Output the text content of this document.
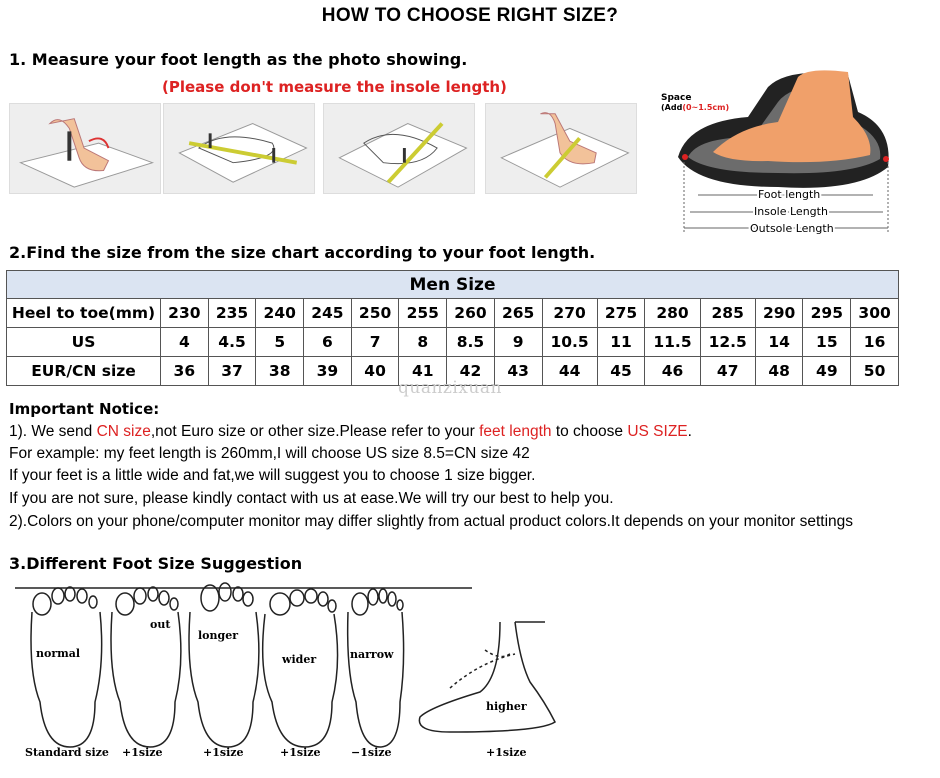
HOW TO CHOOSE RIGHT SIZE?
1. Measure your foot length as the photo showing.
(Please don't measure the insole length)
Space
(Add(0~1.5cm)
Foot length
Insole Length
Outsole Length
2.Find the size from the size chart according to your foot length.
Men Size															
Heel to toe(mm)	230	235	240	245	250	255	260	265	270	275	280	285	290	295	300
US	4	4.5	5	6	7	8	8.5	9	10.5	11	11.5	12.5	14	15	16
EUR/CN size	36	37	38	39	40	41	42	43	44	45	46	47	48	49	50
quanzixuan
Important Notice:
1). We send CN size,not Euro size or other size.Please refer to your feet length to choose US SIZE.
For example: my feet length is 260mm,I will choose US size 8.5=CN size 42
If your feet is a little wide and fat,we will suggest you to choose 1 size bigger.
If you are not sure, please kindly contact with us at ease.We will try our best to help you.
2).Colors on your phone/computer monitor may differ slightly from actual product colors.It depends on your monitor settings
3.Different Foot Size Suggestion
normal
out
longer
wider	narrow
higher
Standard size +1size	+1size	+1size	−1size	+1size
